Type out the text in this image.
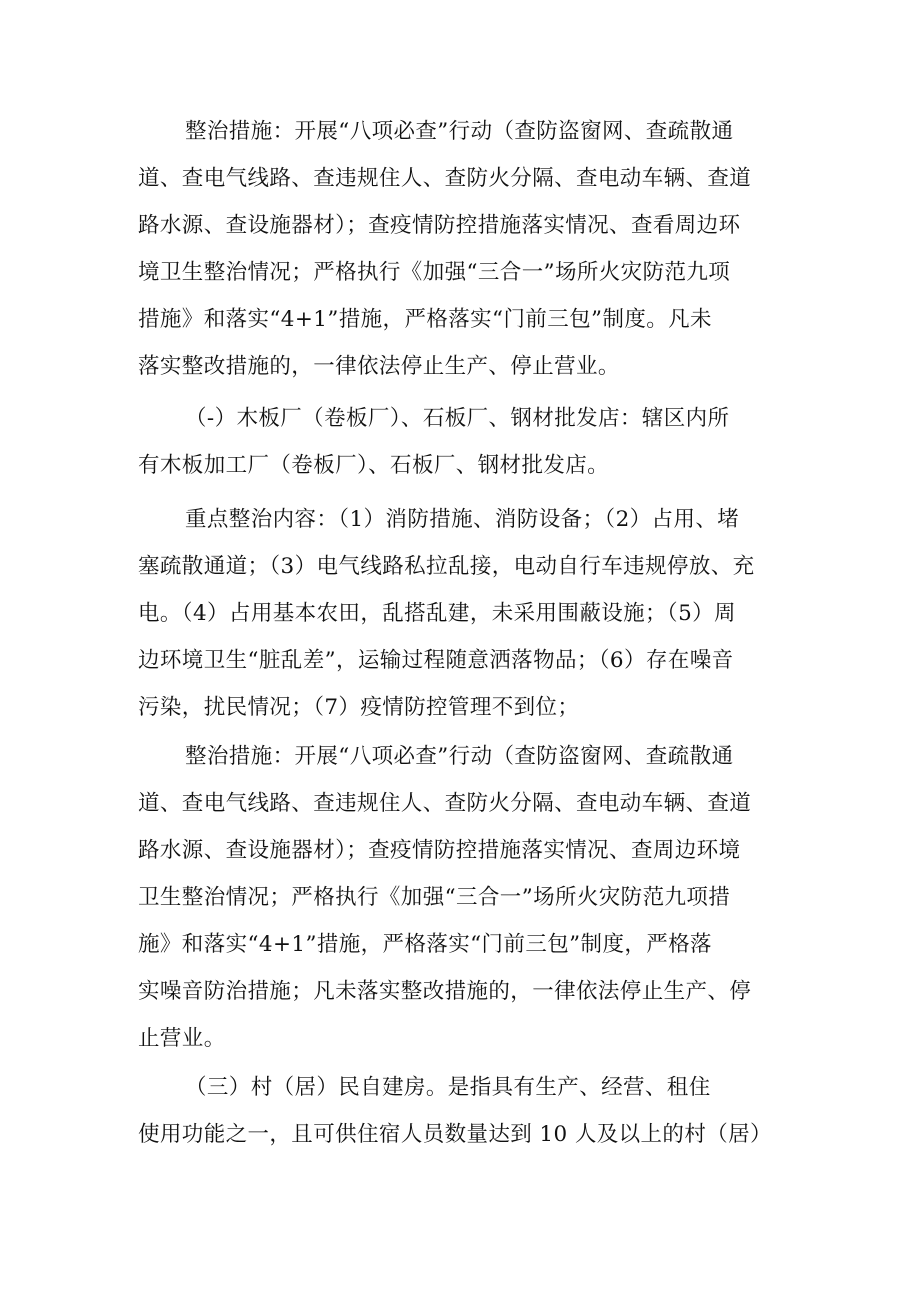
整治措施：开展“八项必查”行动（查防盗窗网、查疏散通
道、查电气线路、查违规住人、查防火分隔、查电动车辆、查道
路水源、查设施器材）；查疫情防控措施落实情况、查看周边环
境卫生整治情况；严格执行《加强“三合一”场所火灾防范九项
措施》和落实“4+1”措施，严格落实“门前三包”制度。凡未
落实整改措施的，一律依法停止生产、停止营业。
（-）木板厂（卷板厂）、石板厂、钢材批发店：辖区内所
有木板加工厂（卷板厂）、石板厂、钢材批发店。
重点整治内容：（1）消防措施、消防设备；（2）占用、堵
塞疏散通道；（3）电气线路私拉乱接，电动自行车违规停放、充
电。（4）占用基本农田，乱搭乱建，未采用围蔽设施；（5）周
边环境卫生“脏乱差”，运输过程随意洒落物品；（6）存在噪音
污染，扰民情况；（7）疫情防控管理不到位；
整治措施：开展“八项必查”行动（查防盗窗网、查疏散通
道、查电气线路、查违规住人、查防火分隔、查电动车辆、查道
路水源、查设施器材）；查疫情防控措施落实情况、查周边环境
卫生整治情况；严格执行《加强“三合一”场所火灾防范九项措
施》和落实“4+1”措施，严格落实“门前三包”制度，严格落
实噪音防治措施；凡未落实整改措施的，一律依法停止生产、停
止营业。
（三）村（居）民自建房。是指具有生产、经营、租住
使用功能之一，且可供住宿人员数量达到 10 人及以上的村（居）
